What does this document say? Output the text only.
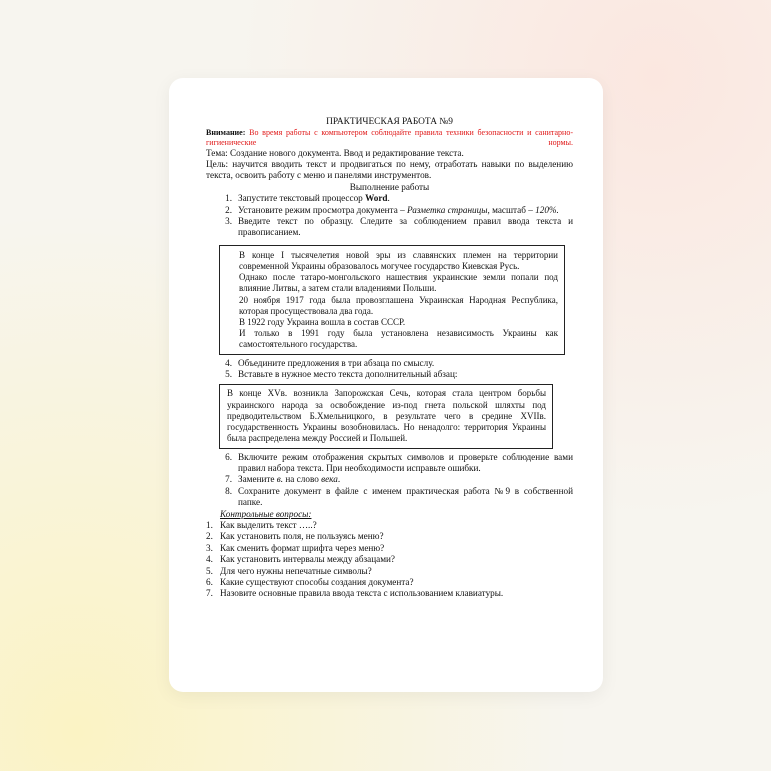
ПРАКТИЧЕСКАЯ РАБОТА №9
Внимание: Во время работы с компьютером соблюдайте правила техники безопасности и санитарно-гигиенические	нормы.
Тема: Создание нового документа. Ввод и редактирование текста.
Цель: научится вводить текст и продвигаться по нему, отработать навыки по выделению текста, освоить работу с меню и панелями инструментов.
Выполнение работы
1. Запустите текстовый процессор Word.
2. Установите режим просмотра документа – Разметка страницы, масштаб – 120%.
3. Введите текст по образцу. Следите за соблюдением правил ввода текста и правописанием.

В конце I тысячелетия новой эры из славянских племен на территории современной Украины образовалось могучее государство Киевская Русь.

Однако после татаро-монгольского нашествия украинские земли попали под влияние Литвы, а затем стали владениями Польши.

20 ноября 1917 года была провозглашена Украинская Народная Республика, которая просуществовала два года.

В 1922 году Украина вошла в состав СССР.

И только в 1991 году была установлена независимость Украины как самостоятельного государства.

4. Объедините предложения в три абзаца по смыслу.
5. Вставьте в нужное место текста дополнительный абзац:
В конце XVв. возникла Запорожская Сечь, которая стала центром борьбы украинского народа за освобождение из-под гнета польской шляхты под предводительством Б.Хмельницкого, в результате чего в средине XVIIв. государственность Украины возобновилась. Но ненадолго: территория Украины была распределена между Россией и Польшей.
6. Включите режим отображения скрытых символов и проверьте соблюдение вами правил набора текста. При необходимости исправьте ошибки.
7. Замените в. на слово века.
8. Сохраните документ в файле с именем практическая работа №9 в собственной папке.
Контрольные вопросы:
1. Как выделить текст …..?
2. Как установить поля, не пользуясь меню?
3. Как сменить формат шрифта через меню?
4. Как установить интервалы между абзацами?
5. Для чего нужны непечатные символы?
6. Какие существуют способы создания документа?
7. Назовите основные правила ввода текста с использованием клавиатуры.
